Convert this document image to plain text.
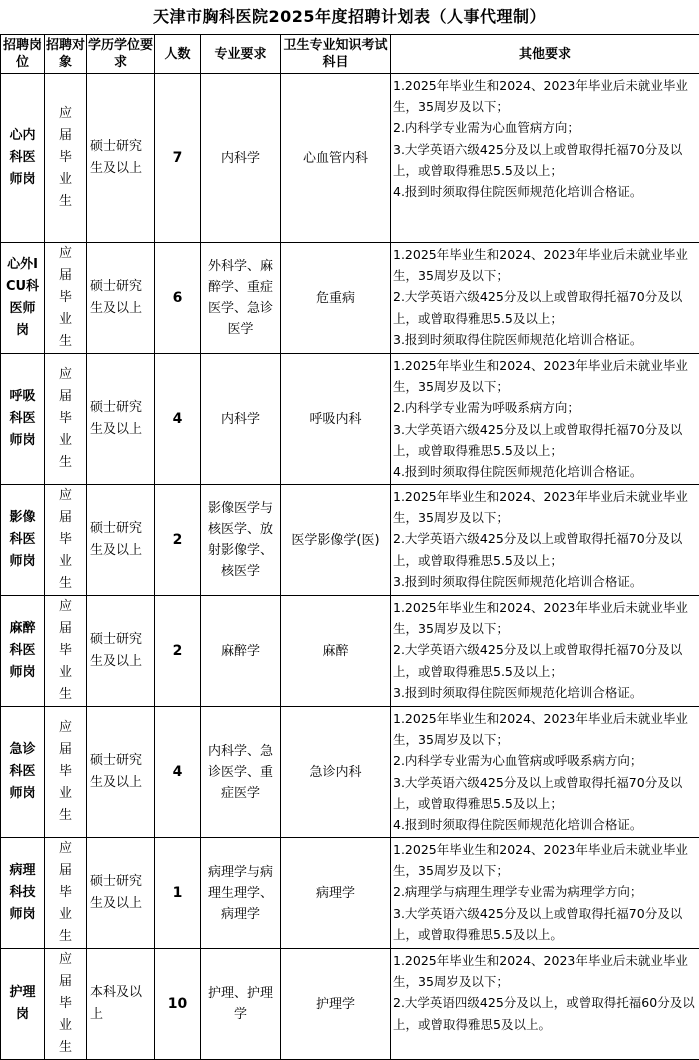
天津市胸科医院2025年度招聘计划表（人事代理制）
招聘岗位	招聘对象	学历学位要求	人数	专业要求	卫生专业知识考试科目	其他要求
心内科医师岗	应届毕业生	硕士研究生及以上	7	内科学	心血管内科	1.2025年毕业生和2024、2023年毕业后未就业毕业生，35周岁及以下；
2.内科学专业需为心血管病方向；
3.大学英语六级425分及以上或曾取得托福70分及以上，或曾取得雅思5.5及以上；
4.报到时须取得住院医师规范化培训合格证。

心外ICU科医师岗	应届毕业生	硕士研究生及以上	6	外科学、麻醉学、重症医学、急诊医学	危重病	1.2025年毕业生和2024、2023年毕业后未就业毕业生，35周岁及以下；
2.大学英语六级425分及以上或曾取得托福70分及以上，或曾取得雅思5.5及以上；
3.报到时须取得住院医师规范化培训合格证。

呼吸科医师岗	应届毕业生	硕士研究生及以上	4	内科学	呼吸内科	1.2025年毕业生和2024、2023年毕业后未就业毕业生，35周岁及以下；
2.内科学专业需为呼吸系病方向；
3.大学英语六级425分及以上或曾取得托福70分及以上，或曾取得雅思5.5及以上；
4.报到时须取得住院医师规范化培训合格证。

影像科医师岗	应届毕业生	硕士研究生及以上	2	影像医学与核医学、放射影像学、核医学	医学影像学(医)	1.2025年毕业生和2024、2023年毕业后未就业毕业生，35周岁及以下；
2.大学英语六级425分及以上或曾取得托福70分及以上，或曾取得雅思5.5及以上；
3.报到时须取得住院医师规范化培训合格证。

麻醉科医师岗	应届毕业生	硕士研究生及以上	2	麻醉学	麻醉	1.2025年毕业生和2024、2023年毕业后未就业毕业生，35周岁及以下；
2.大学英语六级425分及以上或曾取得托福70分及以上，或曾取得雅思5.5及以上；
3.报到时须取得住院医师规范化培训合格证。

急诊科医师岗	应届毕业生	硕士研究生及以上	4	内科学、急诊医学、重症医学	急诊内科	1.2025年毕业生和2024、2023年毕业后未就业毕业生，35周岁及以下；
2.内科学专业需为心血管病或呼吸系病方向；
3.大学英语六级425分及以上或曾取得托福70分及以上，或曾取得雅思5.5及以上；
4.报到时须取得住院医师规范化培训合格证。

病理科技师岗	应届毕业生	硕士研究生及以上	1	病理学与病理生理学、病理学	病理学	1.2025年毕业生和2024、2023年毕业后未就业毕业生，35周岁及以下；
2.病理学与病理生理学专业需为病理学方向；
3.大学英语六级425分及以上或曾取得托福70分及以上，或曾取得雅思5.5及以上。

护理岗	应届毕业生	本科及以上	10	护理、护理学	护理学	1.2025年毕业生和2024、2023年毕业后未就业毕业生，35周岁及以下；
2.大学英语四级425分及以上，或曾取得托福60分及以上，或曾取得雅思5及以上。
